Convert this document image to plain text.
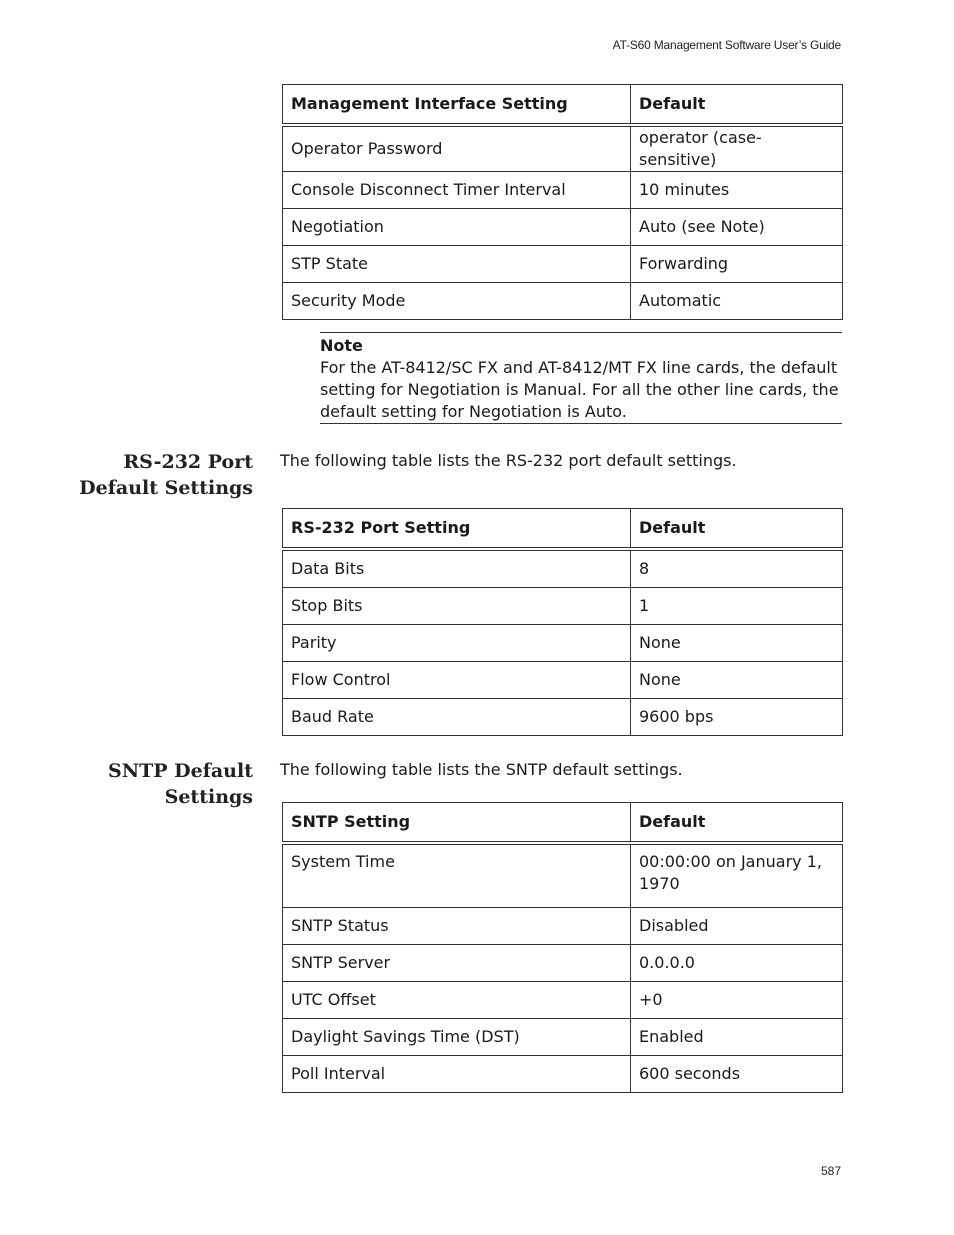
AT-S60 Management Software User’s Guide
Management Interface Setting	Default
Operator Password	operator (case-sensitive)
Console Disconnect Timer Interval	10 minutes
Negotiation	Auto (see Note)
STP State	Forwarding
Security Mode	Automatic
Note
For the AT-8412/SC FX and AT-8412/MT FX line cards, the default setting for Negotiation is Manual. For all the other line cards, the default setting for Negotiation is Auto.
RS-232 Port
Default Settings
The following table lists the RS-232 port default settings.
RS-232 Port Setting	Default
Data Bits	8
Stop Bits	1
Parity	None
Flow Control	None
Baud Rate	9600 bps
SNTP Default
Settings
The following table lists the SNTP default settings.
SNTP Setting	Default
System Time	00:00:00 on January 1, 1970
SNTP Status	Disabled
SNTP Server	0.0.0.0
UTC Offset	+0
Daylight Savings Time (DST)	Enabled
Poll Interval	600 seconds
587
